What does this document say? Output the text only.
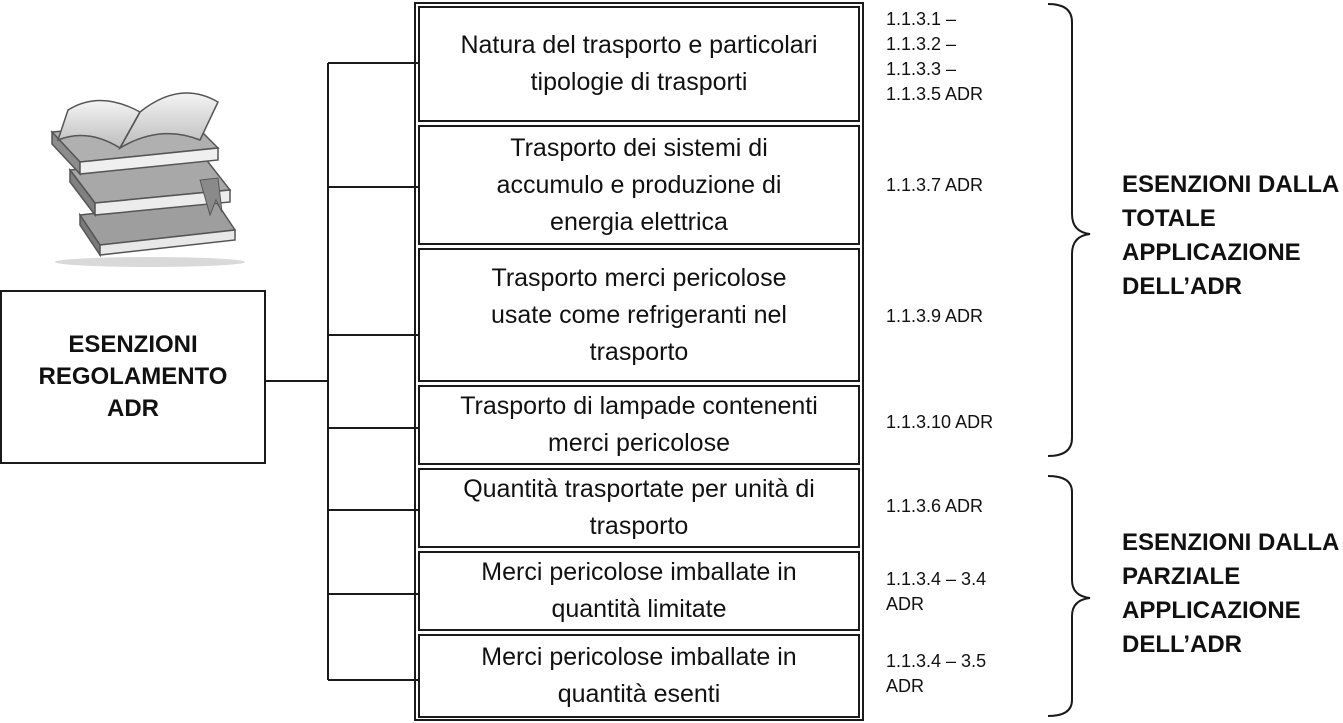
ESENZIONI
REGOLAMENTO
ADR
Natura del trasporto e particolari
tipologie di trasporti
Trasporto dei sistemi di
accumulo e produzione di
energia elettrica
Trasporto merci pericolose
usate come refrigeranti nel
trasporto
Trasporto di lampade contenenti
merci pericolose
Quantità trasportate per unità di
trasporto
Merci pericolose imballate in
quantità limitate
Merci pericolose imballate in
quantità esenti
1.1.3.1 –
1.1.3.2 –
1.1.3.3 –
1.1.3.5 ADR
1.1.3.7 ADR
1.1.3.9 ADR
1.1.3.10 ADR
1.1.3.6 ADR
1.1.3.4 – 3.4
ADR
1.1.3.4 – 3.5
ADR
ESENZIONI DALLA
TOTALE
APPLICAZIONE
DELL’ADR
ESENZIONI DALLA
PARZIALE
APPLICAZIONE
DELL’ADR
